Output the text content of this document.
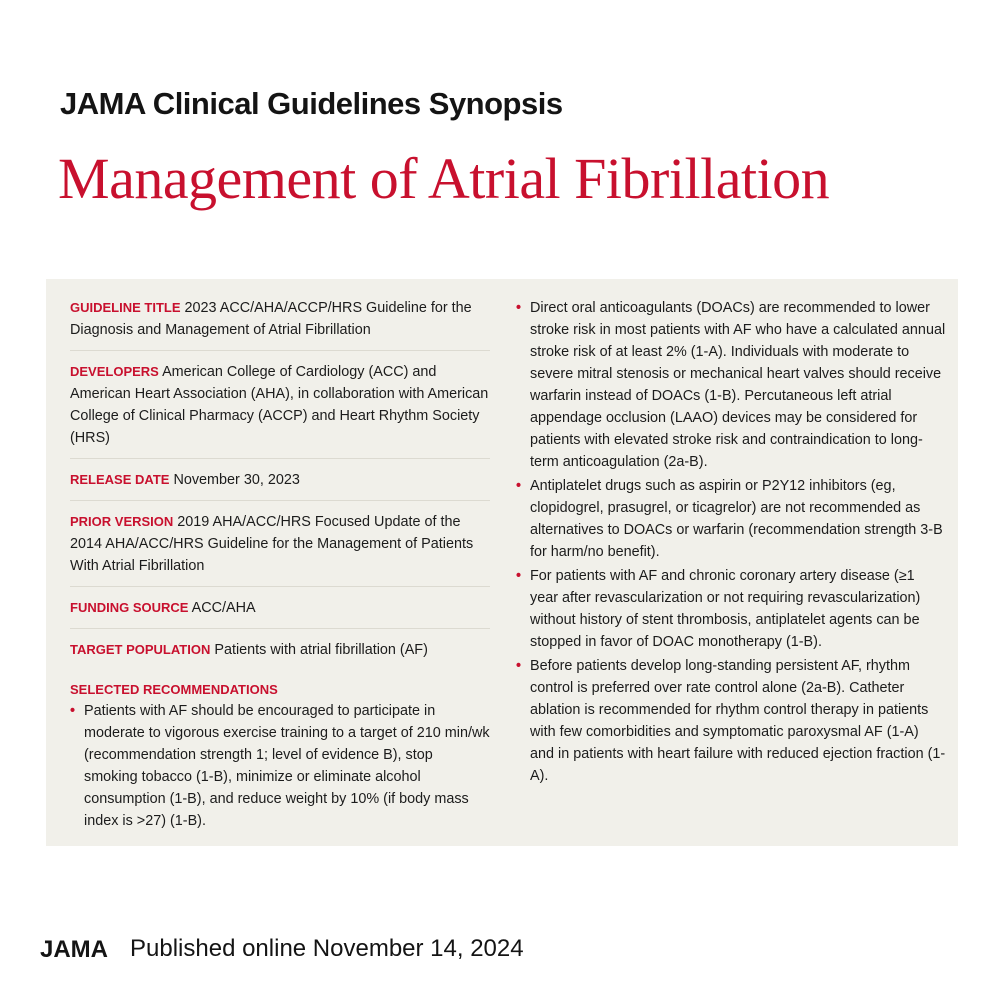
JAMA Clinical Guidelines Synopsis
Management of Atrial Fibrillation
GUIDELINE TITLE 2023 ACC/AHA/ACCP/HRS Guideline for the Diagnosis and Management of Atrial Fibrillation
DEVELOPERS American College of Cardiology (ACC) and American Heart Association (AHA), in collaboration with American College of Clinical Pharmacy (ACCP) and Heart Rhythm Society (HRS)
RELEASE DATE November 30, 2023
PRIOR VERSION 2019 AHA/ACC/HRS Focused Update of the 2014 AHA/ACC/HRS Guideline for the Management of Patients With Atrial Fibrillation
FUNDING SOURCE ACC/AHA
TARGET POPULATION Patients with atrial fibrillation (AF)
SELECTED RECOMMENDATIONS
• Patients with AF should be encouraged to participate in moderate to vigorous exercise training to a target of 210 min/wk (recommendation strength 1; level of evidence B), stop smoking tobacco (1-B), minimize or eliminate alcohol consumption (1-B), and reduce weight by 10% (if body mass index is >27) (1-B).
• Direct oral anticoagulants (DOACs) are recommended to lower stroke risk in most patients with AF who have a calculated annual stroke risk of at least 2% (1-A). Individuals with moderate to severe mitral stenosis or mechanical heart valves should receive warfarin instead of DOACs (1-B). Percutaneous left atrial appendage occlusion (LAAO) devices may be considered for patients with elevated stroke risk and contraindication to long-term anticoagulation (2a-B).
• Antiplatelet drugs such as aspirin or P2Y12 inhibitors (eg, clopidogrel, prasugrel, or ticagrelor) are not recommended as alternatives to DOACs or warfarin (recommendation strength 3-B for harm/no benefit).
• For patients with AF and chronic coronary artery disease (≥1 year after revascularization or not requiring revascularization) without history of stent thrombosis, antiplatelet agents can be stopped in favor of DOAC monotherapy (1-B).
• Before patients develop long-standing persistent AF, rhythm control is preferred over rate control alone (2a-B). Catheter ablation is recommended for rhythm control therapy in patients with few comorbidities and symptomatic paroxysmal AF (1-A) and in patients with heart failure with reduced ejection fraction (1-A).
JAMA Published online November 14, 2024
